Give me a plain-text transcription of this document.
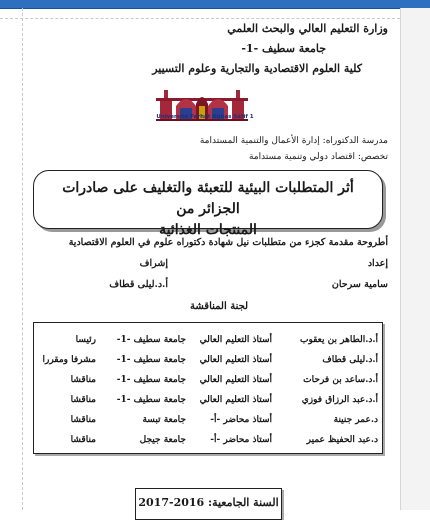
وزارة التعليم العالي والبحث العلمي
جامعة سطيف -1-
كلية العلوم الاقتصادية والتجارية وعلوم التسيير
Université Ferhat Abbas Sétif 1
مدرسة الدكتوراه: إدارة الأعمال والتنمية المستدامة
تخصص: اقتصاد دولي وتنمية مستدامة
أثر المتطلبات البيئية للتعبئة والتغليف على صادرات الجزائر من
المنتجات الغذائية
أطروحة مقدمة كجزء من متطلبات نيل شهادة دكتوراه علوم في العلوم الاقتصادية
إعداد
إشراف
سامية سرحان
أ.د.ليلى قطاف
لجنة المناقشة
أ.د.الطاهر بن يعقوب
أستاذ التعليم العالي
جامعة سطيف -1-
رئيسا
أ.د.ليلى قطاف
أستاذ التعليم العالي
جامعة سطيف -1-
مشرفا ومقررا
أ.د.ساعد بن فرحات
أستاذ التعليم العالي
جامعة سطيف -1-
مناقشا
أ.د.عبد الرزاق فوزي
أستاذ التعليم العالي
جامعة سطيف -1-
مناقشا
د.عمر جنينة
أستاذ محاضر -أ-
جامعة تبسة
مناقشا
د.عبد الحفيظ عمير
أستاذ محاضر -أ-
جامعة جيجل
مناقشا
السنة الجامعية: 2016-2017
